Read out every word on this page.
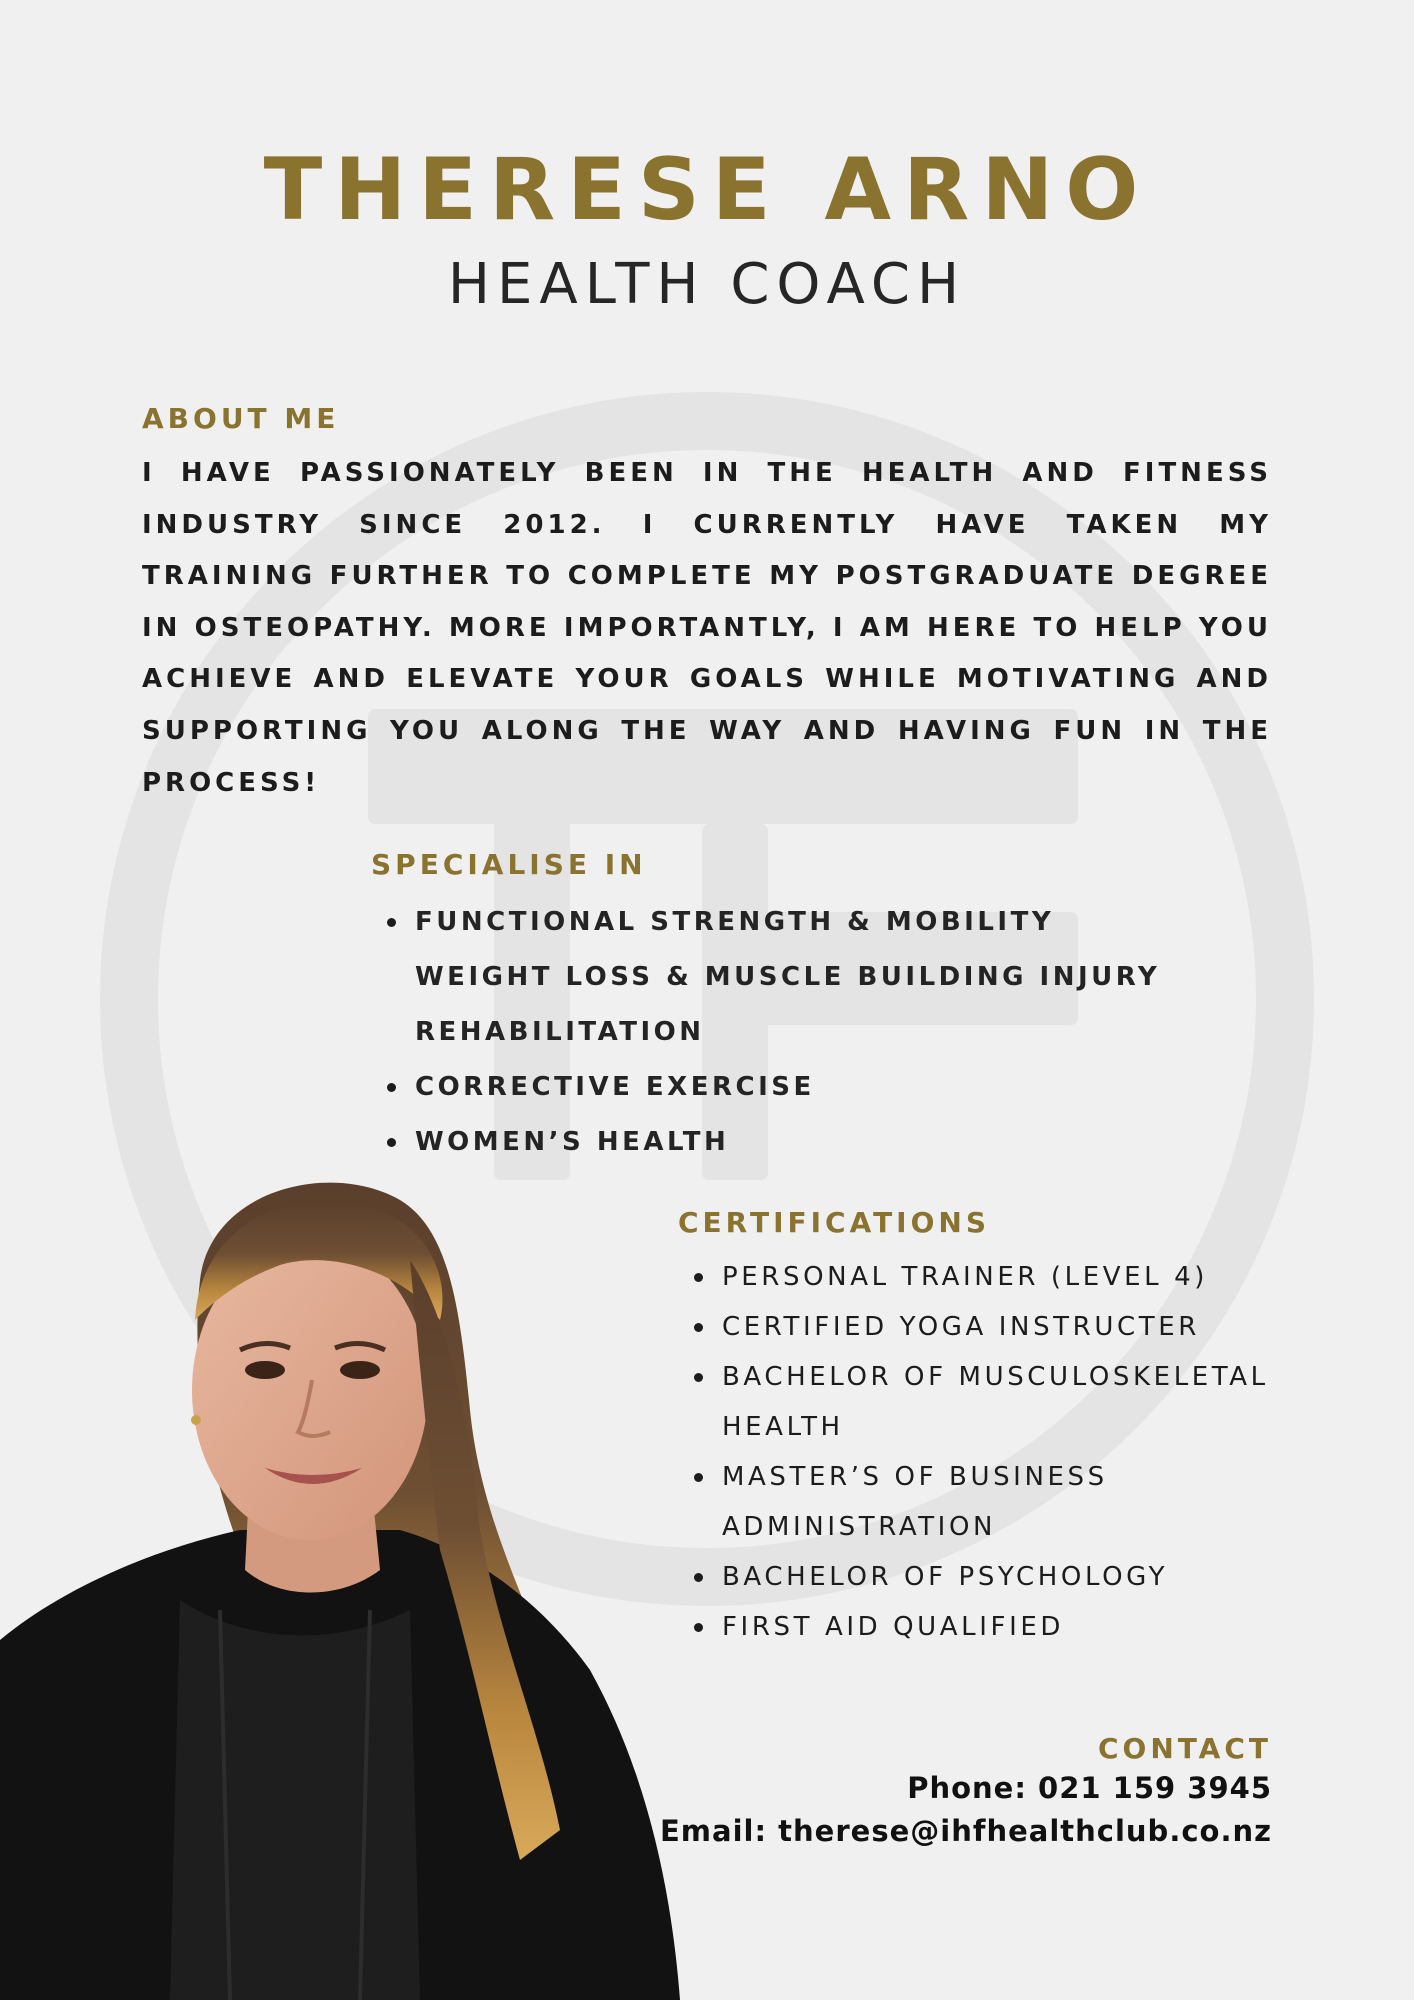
THERESE ARNO
HEALTH COACH
ABOUT ME

I HAVE PASSIONATELY BEEN IN THE HEALTH AND FITNESS INDUSTRY SINCE 2012. I CURRENTLY HAVE TAKEN MY TRAINING FURTHER TO COMPLETE MY POSTGRADUATE DEGREE IN OSTEOPATHY. MORE IMPORTANTLY, I AM HERE TO HELP YOU ACHIEVE AND ELEVATE YOUR GOALS WHILE MOTIVATING AND SUPPORTING YOU ALONG THE WAY AND HAVING FUN IN THE PROCESS!

SPECIALISE IN
FUNCTIONAL STRENGTH & MOBILITY WEIGHT LOSS & MUSCLE BUILDING INJURY REHABILITATION
CORRECTIVE EXERCISE
WOMEN’S HEALTH
CERTIFICATIONS
PERSONAL TRAINER (LEVEL 4)
CERTIFIED YOGA INSTRUCTER
BACHELOR OF MUSCULOSKELETAL HEALTH
MASTER’S OF BUSINESS ADMINISTRATION
BACHELOR OF PSYCHOLOGY
FIRST AID QUALIFIED
CONTACT
Phone: 021 159 3945
Email: therese@ihfhealthclub.co.nz
